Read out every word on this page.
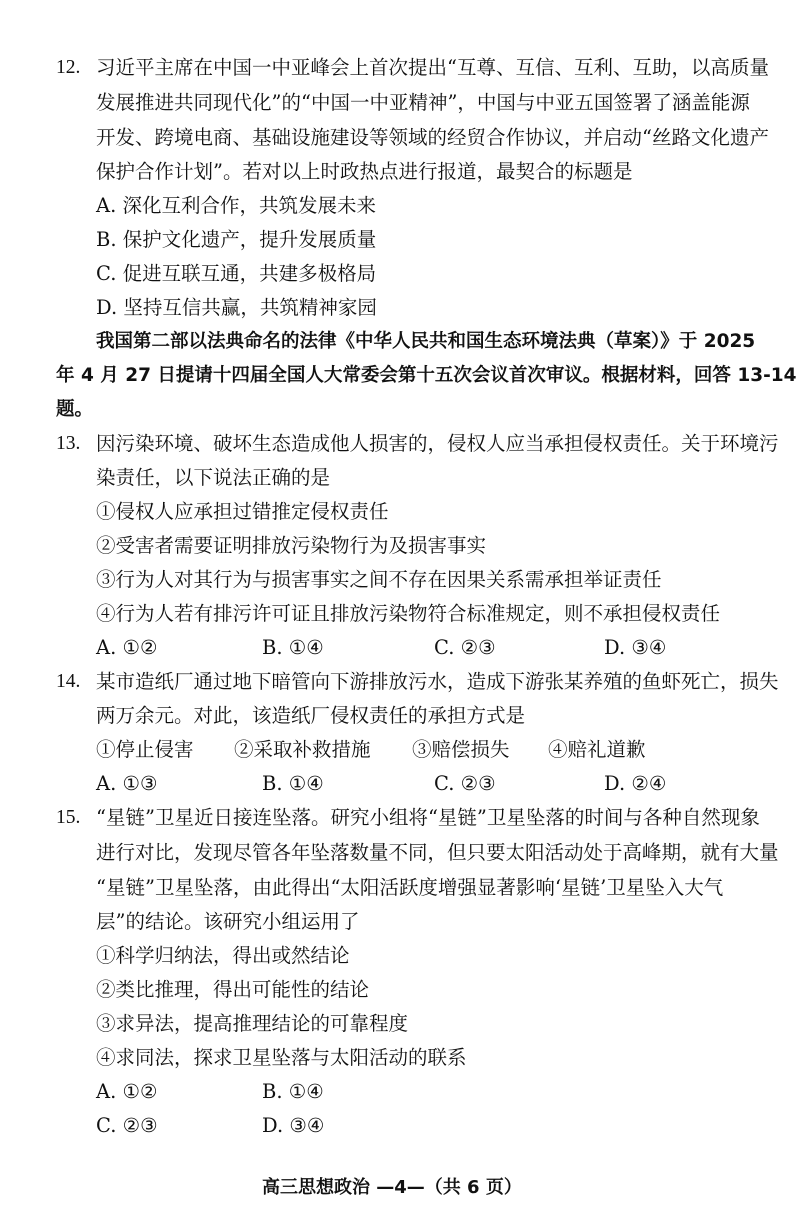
12. 习近平主席在中国一中亚峰会上首次提出“互尊、互信、互利、互助，以高质量
发展推进共同现代化”的“中国一中亚精神”，中国与中亚五国签署了涵盖能源
开发、跨境电商、基础设施建设等领域的经贸合作协议，并启动“丝路文化遗产
保护合作计划”。若对以上时政热点进行报道，最契合的标题是
A. 深化互利合作，共筑发展未来
B. 保护文化遗产，提升发展质量
C. 促进互联互通，共建多极格局
D. 坚持互信共赢，共筑精神家园
我国第二部以法典命名的法律《中华人民共和国生态环境法典（草案）》于 2025
年 4 月 27 日提请十四届全国人大常委会第十五次会议首次审议。根据材料，回答 13-14
题。
13. 因污染环境、破坏生态造成他人损害的，侵权人应当承担侵权责任。关于环境污
染责任，以下说法正确的是
①侵权人应承担过错推定侵权责任
②受害者需要证明排放污染物行为及损害事实
③行为人对其行为与损害事实之间不存在因果关系需承担举证责任
④行为人若有排污许可证且排放污染物符合标准规定，则不承担侵权责任
A. ①②	B. ①④	C. ②③	D. ③④
14. 某市造纸厂通过地下暗管向下游排放污水，造成下游张某养殖的鱼虾死亡，损失
两万余元。对此，该造纸厂侵权责任的承担方式是
①停止侵害 ②采取补救措施 ③赔偿损失 ④赔礼道歉
A. ①③	B. ①④	C. ②③	D. ②④
15. “星链”卫星近日接连坠落。研究小组将“星链”卫星坠落的时间与各种自然现象
进行对比，发现尽管各年坠落数量不同，但只要太阳活动处于高峰期，就有大量
“星链”卫星坠落，由此得出“太阳活跃度增强显著影响‘星链’卫星坠入大气
层”的结论。该研究小组运用了
①科学归纳法，得出或然结论
②类比推理，得出可能性的结论
③求异法，提高推理结论的可靠程度
④求同法，探求卫星坠落与太阳活动的联系
A. ①②	B. ①④
C. ②③	D. ③④
高三思想政治 —4—（共 6 页）
